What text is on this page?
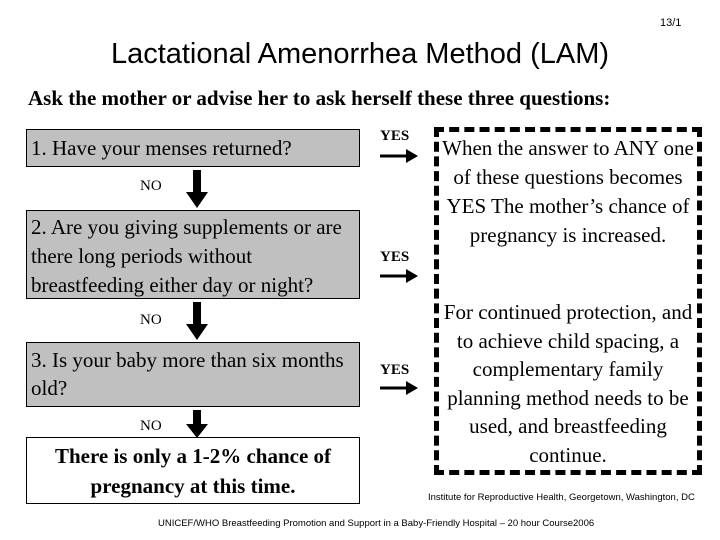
13/1
Lactational Amenorrhea Method (LAM)
Ask the mother or advise her to ask herself these three questions:
1. Have your menses returned?	YES
NO
2. Are you giving supplements or are there long periods without breastfeeding either day or night?
YES
NO
3. Is your baby more than six months old?
YES
NO
There is only a 1-2% chance of pregnancy at this time.
When the answer to ANY one of these questions becomes YES The mother’s chance of pregnancy is increased.
For continued protection, and to achieve child spacing, a complementary family planning method needs to be used, and breastfeeding continue.
Institute for Reproductive Health, Georgetown, Washington, DC
UNICEF/WHO Breastfeeding Promotion and Support in a Baby-Friendly Hospital – 20 hour Course2006
